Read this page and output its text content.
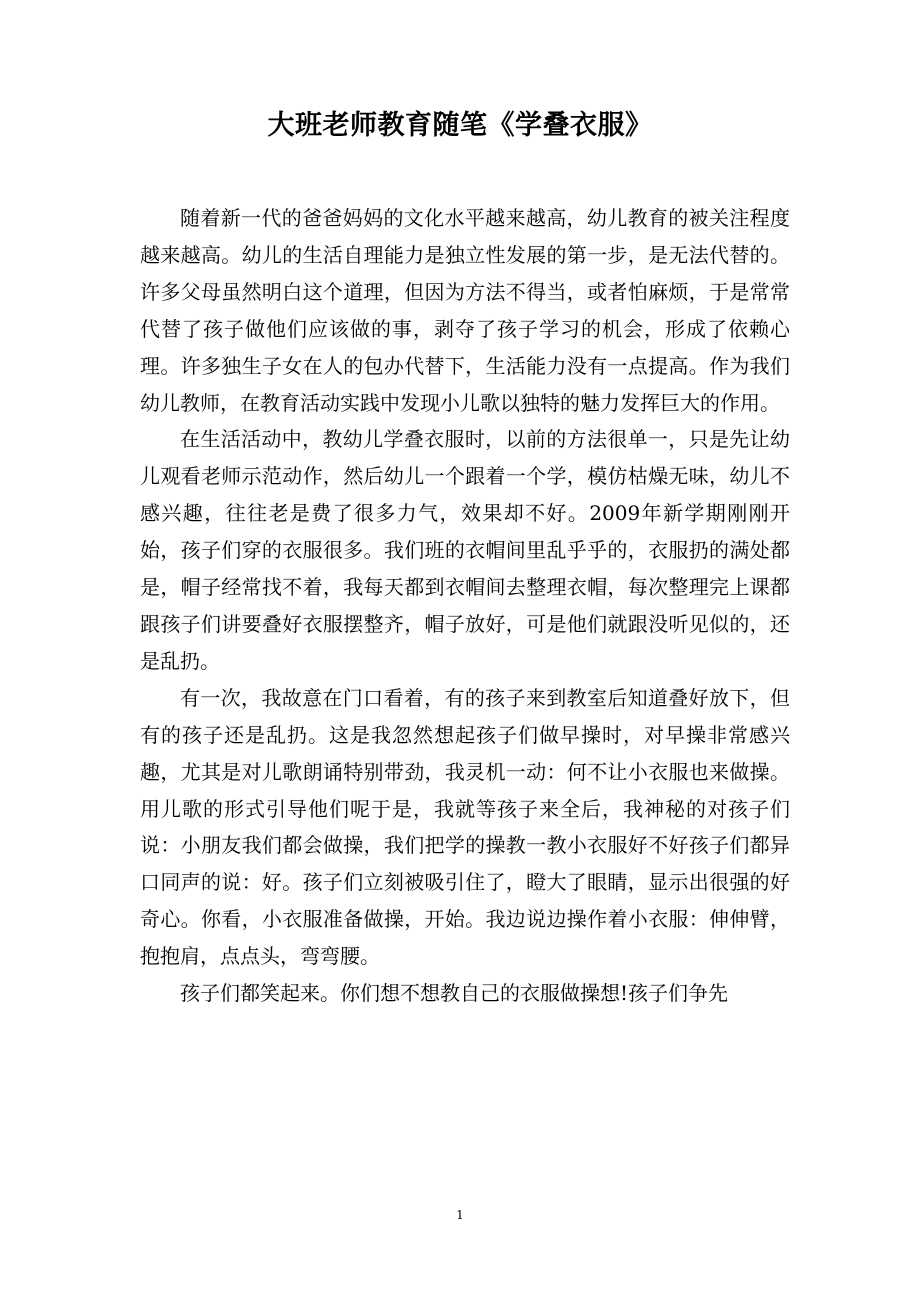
大班老师教育随笔《学叠衣服》

随着新一代的爸爸妈妈的文化水平越来越高，幼儿教育的被关注程度越来越高。幼儿的生活自理能力是独立性发展的第一步，是无法代替的。许多父母虽然明白这个道理，但因为方法不得当，或者怕麻烦，于是常常代替了孩子做他们应该做的事，剥夺了孩子学习的机会，形成了依赖心理。许多独生子女在人的包办代替下，生活能力没有一点提高。作为我们幼儿教师，在教育活动实践中发现小儿歌以独特的魅力发挥巨大的作用。

在生活活动中，教幼儿学叠衣服时，以前的方法很单一，只是先让幼儿观看老师示范动作，然后幼儿一个跟着一个学，模仿枯燥无味，幼儿不感兴趣，往往老是费了很多力气，效果却不好。2009年新学期刚刚开始，孩子们穿的衣服很多。我们班的衣帽间里乱乎乎的，衣服扔的满处都是，帽子经常找不着，我每天都到衣帽间去整理衣帽，每次整理完上课都跟孩子们讲要叠好衣服摆整齐，帽子放好，可是他们就跟没听见似的，还是乱扔。

有一次，我故意在门口看着，有的孩子来到教室后知道叠好放下，但有的孩子还是乱扔。这是我忽然想起孩子们做早操时，对早操非常感兴趣，尤其是对儿歌朗诵特别带劲，我灵机一动：何不让小衣服也来做操。用儿歌的形式引导他们呢于是，我就等孩子来全后，我神秘的对孩子们说：小朋友我们都会做操，我们把学的操教一教小衣服好不好孩子们都异口同声的说：好。孩子们立刻被吸引住了，瞪大了眼睛，显示出很强的好奇心。你看，小衣服准备做操，开始。我边说边操作着小衣服：伸伸臂，抱抱肩，点点头，弯弯腰。

孩子们都笑起来。你们想不想教自己的衣服做操想!孩子们争先

1
